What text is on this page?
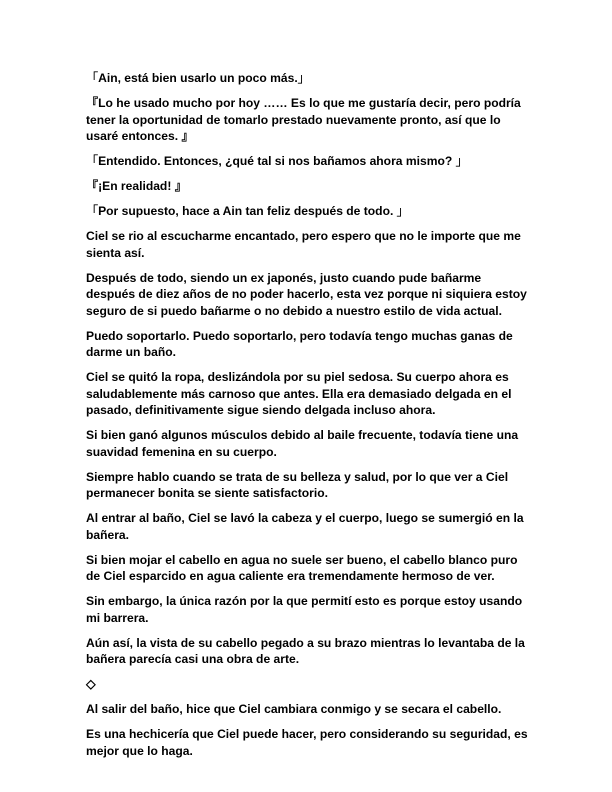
「Ain, está bien usarlo un poco más.」

『Lo he usado mucho por hoy …… Es lo que me gustaría decir, pero podría tener la oportunidad de tomarlo prestado nuevamente pronto, así que lo usaré entonces. 』

「Entendido. Entonces, ¿qué tal si nos bañamos ahora mismo? 」

『¡En realidad! 』

「Por supuesto, hace a Ain tan feliz después de todo. 」

Ciel se rio al escucharme encantado, pero espero que no le importe que me sienta así.

Después de todo, siendo un ex japonés, justo cuando pude bañarme después de diez años de no poder hacerlo, esta vez porque ni siquiera estoy seguro de si puedo bañarme o no debido a nuestro estilo de vida actual.

Puedo soportarlo. Puedo soportarlo, pero todavía tengo muchas ganas de darme un baño.

Ciel se quitó la ropa, deslizándola por su piel sedosa. Su cuerpo ahora es saludablemente más carnoso que antes. Ella era demasiado delgada en el pasado, definitivamente sigue siendo delgada incluso ahora.

Si bien ganó algunos músculos debido al baile frecuente, todavía tiene una suavidad femenina en su cuerpo.

Siempre hablo cuando se trata de su belleza y salud, por lo que ver a Ciel permanecer bonita se siente satisfactorio.

Al entrar al baño, Ciel se lavó la cabeza y el cuerpo, luego se sumergió en la bañera.

Si bien mojar el cabello en agua no suele ser bueno, el cabello blanco puro de Ciel esparcido en agua caliente era tremendamente hermoso de ver.

Sin embargo, la única razón por la que permití esto es porque estoy usando mi barrera.

Aún así, la vista de su cabello pegado a su brazo mientras lo levantaba de la bañera parecía casi una obra de arte.

◇

Al salir del baño, hice que Ciel cambiara conmigo y se secara el cabello.

Es una hechicería que Ciel puede hacer, pero considerando su seguridad, es mejor que lo haga.
